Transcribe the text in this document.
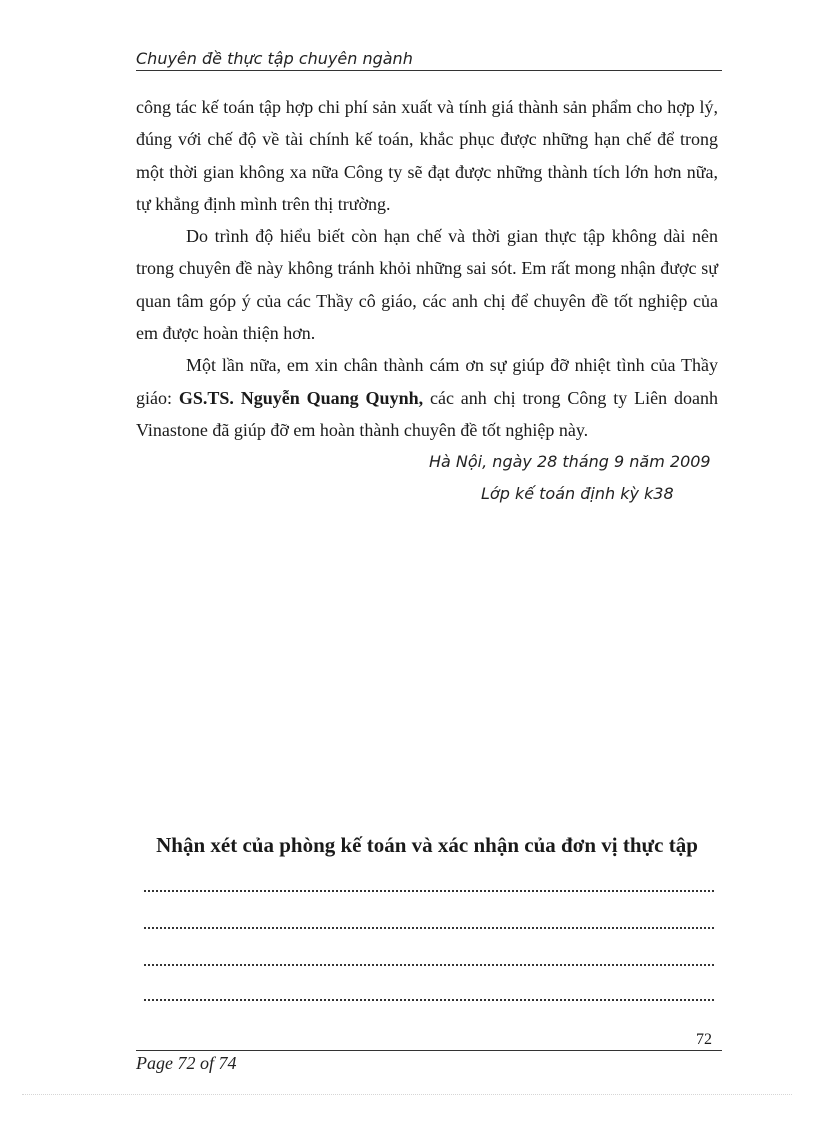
Chuyên đề thực tập chuyên ngành

công tác kế toán tập hợp chi phí sản xuất và tính giá thành sản phẩm cho hợp lý, đúng với chế độ về tài chính kế toán, khắc phục được những hạn chế để trong một thời gian không xa nữa Công ty sẽ đạt được những thành tích lớn hơn nữa, tự khẳng định mình trên thị trường.

Do trình độ hiểu biết còn hạn chế và thời gian thực tập không dài nên trong chuyên đề này không tránh khỏi những sai sót. Em rất mong nhận được sự quan tâm góp ý của các Thầy cô giáo, các anh chị để chuyên đề tốt nghiệp của em được hoàn thiện hơn.

Một lần nữa, em xin chân thành cám ơn sự giúp đỡ nhiệt tình của Thầy giáo: GS.TS. Nguyễn Quang Quynh, các anh chị trong Công ty Liên doanh Vinastone đã giúp đỡ em hoàn thành chuyên đề tốt nghiệp này.

Hà Nội, ngày 28 tháng 9 năm 2009
Lớp kế toán định kỳ k38
Nhận xét của phòng kế toán và xác nhận của đơn vị thực tập
72
Page 72 of 74
